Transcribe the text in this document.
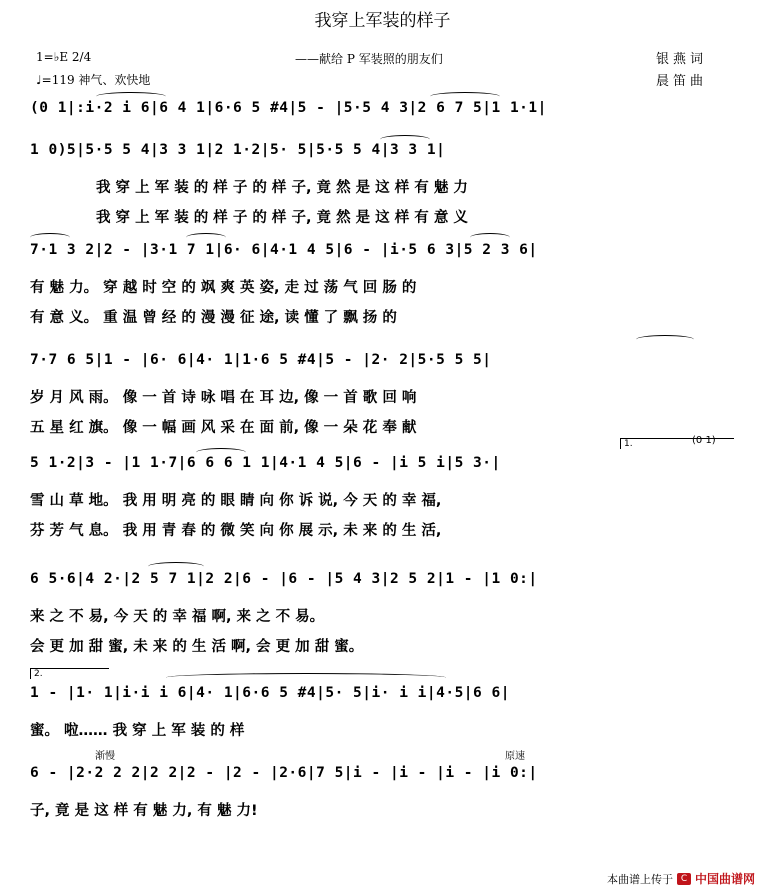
我穿上军装的样子
——献给 P 军装照的朋友们	银燕词
晨笛曲
1=♭E 2/4
♩=119 神气、欢快地
(0 1|:i·2 i 6|6 4 1|6·6 5 #4|5 - |5·5 4 3|2 6 7 5|1 1·1|
1 0)5|5·5 5 4|3 3 1|2 1·2|5· 5|5·5 5 4|3 3 1|
我 穿 上 军 装 的 样 子 的 样 子, 竟 然 是 这 样 有 魅 力
我 穿 上 军 装 的 样 子 的 样 子, 竟 然 是 这 样 有 意 义
7·1 3 2|2 - |3·1 7 1|6· 6|4·1 4 5|6 - |i·5 6 3|5 2 3 6|
有 魅 力。 穿 越 时 空 的 飒 爽 英 姿, 走 过 荡 气 回 肠 的
有 意 义。 重 温 曾 经 的 漫 漫 征 途, 读 懂 了 飘 扬 的
7·7 6 5|1 - |6· 6|4· 1|1·6 5 #4|5 - |2· 2|5·5 5 5|
岁 月 风 雨。 像 一 首 诗 咏 唱 在 耳 边, 像 一 首 歌 回 响
五 星 红 旗。 像 一 幅 画 风 采 在 面 前, 像 一 朵 花 奉 献
5 1·2|3 - |1 1·7|6 6 6 1 1|4·1 4 5|6 - |i 5 i|5 3·|
雪 山 草 地。 我 用 明 亮 的 眼 睛 向 你 诉 说, 今 天 的 幸 福,
芬 芳 气 息。 我 用 青 春 的 微 笑 向 你 展 示, 未 来 的 生 活,
1.	(0 1)
6 5·6|4 2·|2 5 7 1|2 2|6 - |6 - |5 4 3|2 5 2|1 - |1 0:|
来 之 不 易, 今 天 的 幸 福 啊, 来 之 不 易。
会 更 加 甜 蜜, 未 来 的 生 活 啊, 会 更 加 甜 蜜。
1 - |1· 1|i·i i 6|4· 1|6·6 5 #4|5· 5|i· i i|4·5|6 6|
蜜。 啦…… 我 穿 上 军 装 的 样
2.
6 - |2·2 2 2|2 2|2 - |2 - |2·6|7 5|i - |i - |i - |i 0:|
子, 竟 是 这 样 有 魅 力, 有 魅 力!
渐慢	原速
本曲谱上传于 C 中国曲谱网
